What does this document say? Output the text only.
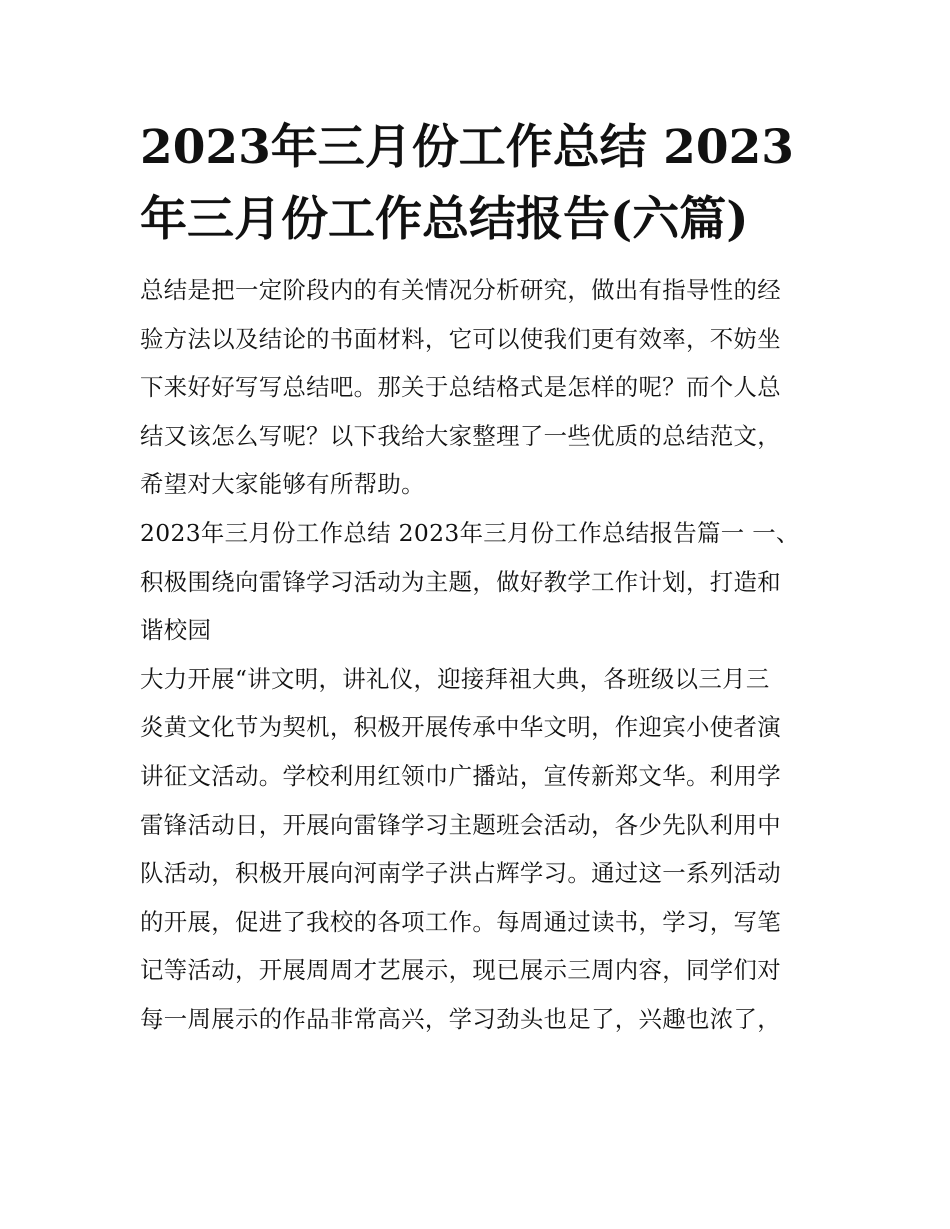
2023年三月份工作总结 2023
年三月份工作总结报告(六篇)
总结是把一定阶段内的有关情况分析研究，做出有指导性的经
验方法以及结论的书面材料，它可以使我们更有效率，不妨坐
下来好好写写总结吧。那关于总结格式是怎样的呢？而个人总
结又该怎么写呢？以下我给大家整理了一些优质的总结范文，
希望对大家能够有所帮助。
2023年三月份工作总结 2023年三月份工作总结报告篇一 一、
积极围绕向雷锋学习活动为主题，做好教学工作计划，打造和
谐校园
大力开展“讲文明，讲礼仪，迎接拜祖大典，各班级以三月三
炎黄文化节为契机，积极开展传承中华文明，作迎宾小使者演
讲征文活动。学校利用红领巾广播站，宣传新郑文华。利用学
雷锋活动日，开展向雷锋学习主题班会活动，各少先队利用中
队活动，积极开展向河南学子洪占辉学习。通过这一系列活动
的开展，促进了我校的各项工作。每周通过读书，学习，写笔
记等活动，开展周周才艺展示，现已展示三周内容，同学们对
每一周展示的作品非常高兴，学习劲头也足了，兴趣也浓了，
